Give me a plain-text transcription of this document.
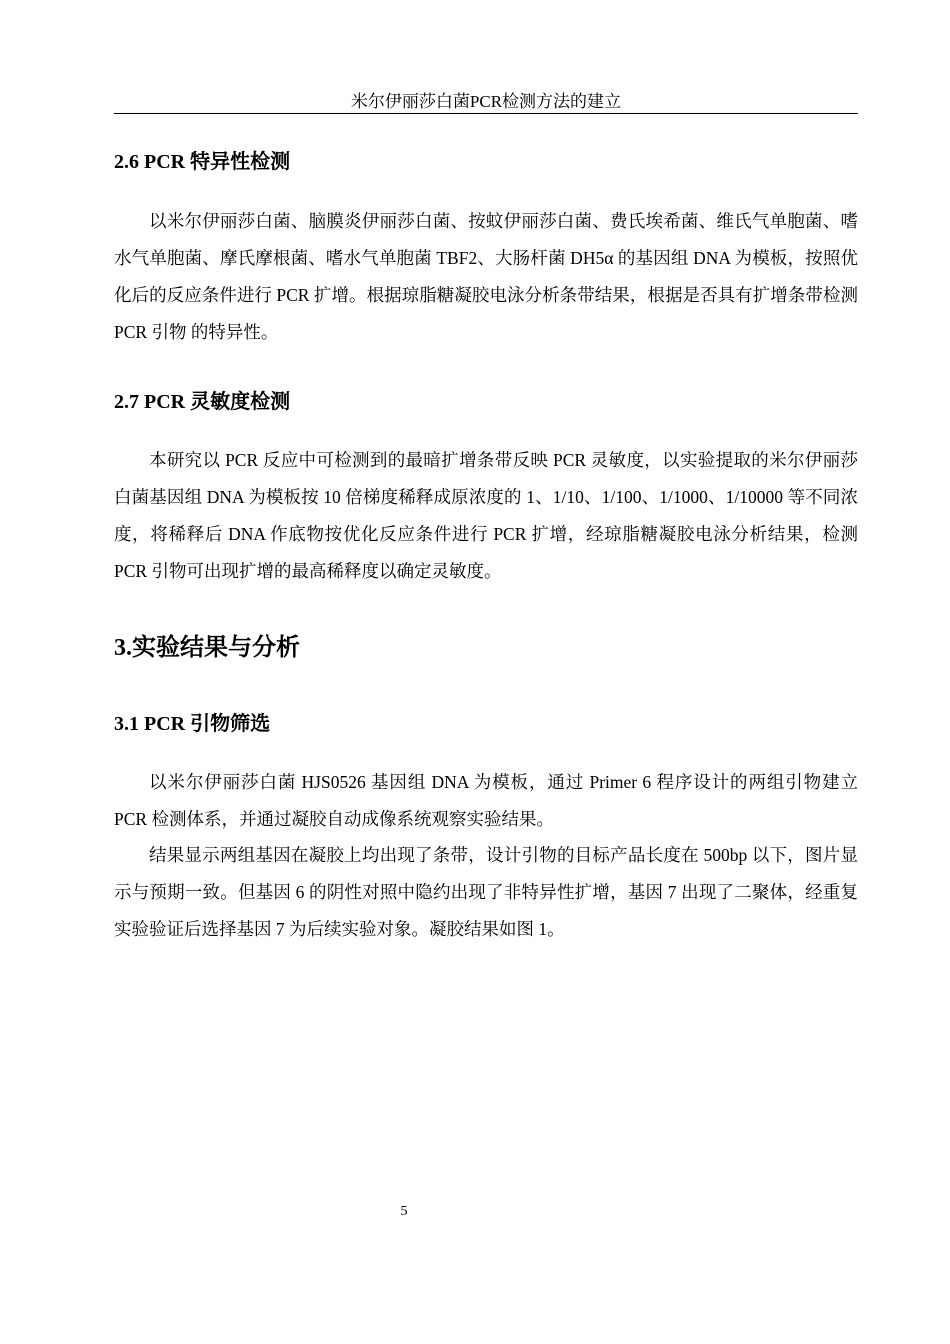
米尔伊丽莎白菌PCR检测方法的建立
2.6 PCR 特异性检测

以米尔伊丽莎白菌、脑膜炎伊丽莎白菌、按蚊伊丽莎白菌、费氏埃希菌、维氏气单胞菌、嗜水气单胞菌、摩氏摩根菌、嗜水气单胞菌 TBF2、大肠杆菌 DH5α 的基因组 DNA 为模板，按照优化后的反应条件进行 PCR 扩增。根据琼脂糖凝胶电泳分析条带结果，根据是否具有扩增条带检测 PCR 引物 的特异性。

2.7 PCR 灵敏度检测

本研究以 PCR 反应中可检测到的最暗扩增条带反映 PCR 灵敏度，以实验提取的米尔伊丽莎白菌基因组 DNA 为模板按 10 倍梯度稀释成原浓度的 1、1/10、1/100、1/1000、1/10000 等不同浓度，将稀释后 DNA 作底物按优化反应条件进行 PCR 扩增，经琼脂糖凝胶电泳分析结果，检测 PCR 引物可出现扩增的最高稀释度以确定灵敏度。

3.实验结果与分析
3.1 PCR 引物筛选

以米尔伊丽莎白菌 HJS0526 基因组 DNA 为模板，通过 Primer 6 程序设计的两组引物建立 PCR 检测体系，并通过凝胶自动成像系统观察实验结果。

结果显示两组基因在凝胶上均出现了条带，设计引物的目标产品长度在 500bp 以下，图片显示与预期一致。但基因 6 的阴性对照中隐约出现了非特异性扩增，基因 7 出现了二聚体，经重复实验验证后选择基因 7 为后续实验对象。凝胶结果如图 1。

5
